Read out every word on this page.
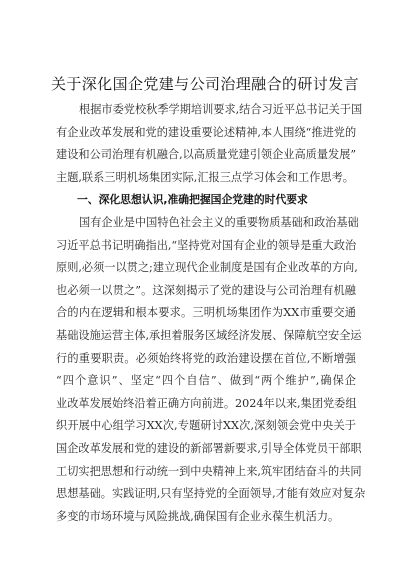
关于深化国企党建与公司治理融合的研讨发言
根据市委党校秋季学期培训要求,结合习近平总书记关于国
有企业改革发展和党的建设重要论述精神,本人围绕“推进党的
建设和公司治理有机融合,以高质量党建引领企业高质量发展”
主题,联系三明机场集团实际,汇报三点学习体会和工作思考。
一、深化思想认识,准确把握国企党建的时代要求
国有企业是中国特色社会主义的重要物质基础和政治基础
习近平总书记明确指出,“坚持党对国有企业的领导是重大政治
原则,必须一以贯之;建立现代企业制度是国有企业改革的方向,
也必须一以贯之”。这深刻揭示了党的建设与公司治理有机融
合的内在逻辑和根本要求。三明机场集团作为XX市重要交通
基础设施运营主体,承担着服务区域经济发展、保障航空安全运
行的重要职责。必须始终将党的政治建设摆在首位,不断增强
“四个意识”、坚定“四个自信”、做到“两个维护”,确保企
业改革发展始终沿着正确方向前进。2024年以来,集团党委组
织开展中心组学习XX次,专题研讨XX次,深刻领会党中央关于
国企改革发展和党的建设的新部署新要求,引导全体党员干部职
工切实把思想和行动统一到中央精神上来,筑牢团结奋斗的共同
思想基础。实践证明,只有坚持党的全面领导,才能有效应对复杂
多变的市场环境与风险挑战,确保国有企业永葆生机活力。
